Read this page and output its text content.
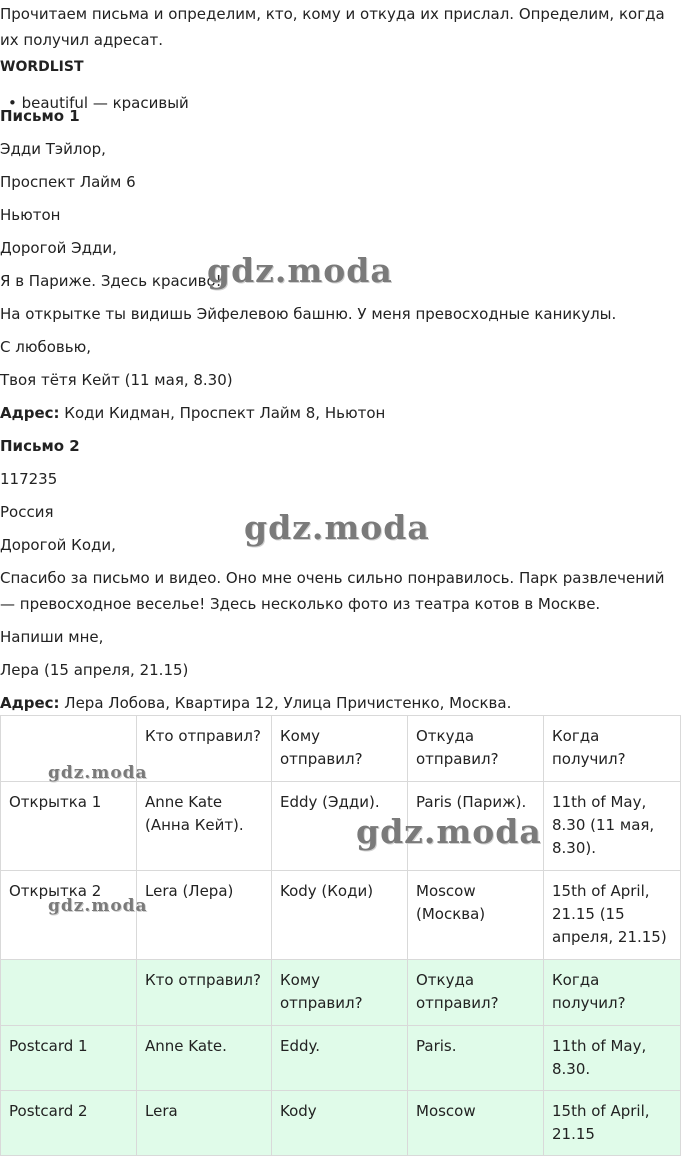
Прочитаем письма и определим, кто, кому и откуда их прислал. Определим, когда их получил адресат.

WORDLIST
• beautiful — красивый
Письмо 1
Эдди Тэйлор,
Проспект Лайм 6
Ньютон
Дорогой Эдди,
Я в Париже. Здесь красиво!
На открытке ты видишь Эйфелевою башню. У меня превосходные каникулы.
С любовью,
Твоя тётя Кейт (11 мая, 8.30)
Адрес: Коди Кидман, Проспект Лайм 8, Ньютон
Письмо 2
117235
Россия
Дорогой Коди,

Спасибо за письмо и видео. Оно мне очень сильно понравилось. Парк развлечений — превосходное веселье! Здесь несколько фото из театра котов в Москве.

Напиши мне,
Лера (15 апреля, 21.15)
Адрес: Лера Лобова, Квартира 12, Улица Причистенко, Москва.
	Кто отправил?	Кому отправил?	Откуда отправил?	Когда получил?
Открытка 1	Anne Kate (Анна Кейт).	Eddy (Эдди).	Paris (Париж).	11th of May, 8.30 (11 мая, 8.30).
Открытка 2	Lera (Лера)	Kody (Коди)	Moscow (Москва)	15th of April, 21.15 (15 апреля, 21.15)
	Кто отправил?	Кому отправил?	Откуда отправил?	Когда получил?
Postcard 1	Anne Kate.	Eddy.	Paris.	11th of May, 8.30.
Postcard 2	Lera	Kody	Moscow	15th of April, 21.15
gdz.moda
gdz.moda
gdz.moda
gdz.moda
gdz.moda
